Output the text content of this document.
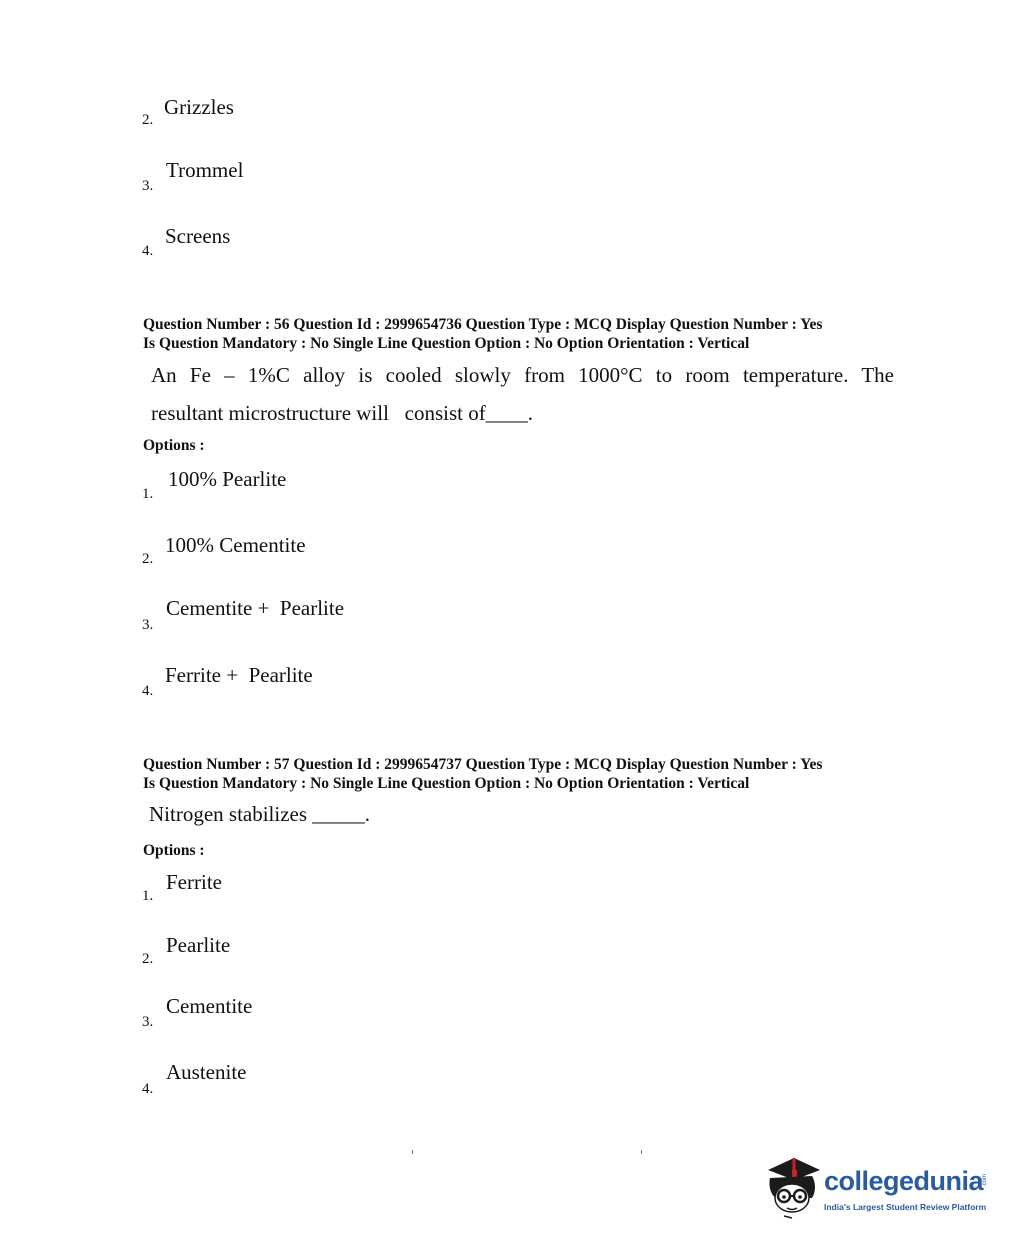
Grizzles
2.
Trommel
3.
Screens
4.
Question Number : 56 Question Id : 2999654736 Question Type : MCQ Display Question Number : Yes
Is Question Mandatory : No Single Line Question Option : No Option Orientation : Vertical
An Fe – 1%C alloy is cooled slowly from 1000°C to room temperature. The
resultant microstructure will   consist of____.
Options :
100% Pearlite
1.
100% Cementite
2.
Cementite +  Pearlite
3.
Ferrite +  Pearlite
4.
Question Number : 57 Question Id : 2999654737 Question Type : MCQ Display Question Number : Yes
Is Question Mandatory : No Single Line Question Option : No Option Orientation : Vertical
Nitrogen stabilizes _____.
Options :
Ferrite
1.
Pearlite
2.
Cementite
3.
Austenite
4.
collegedunia
.com
India's Largest Student Review Platform
